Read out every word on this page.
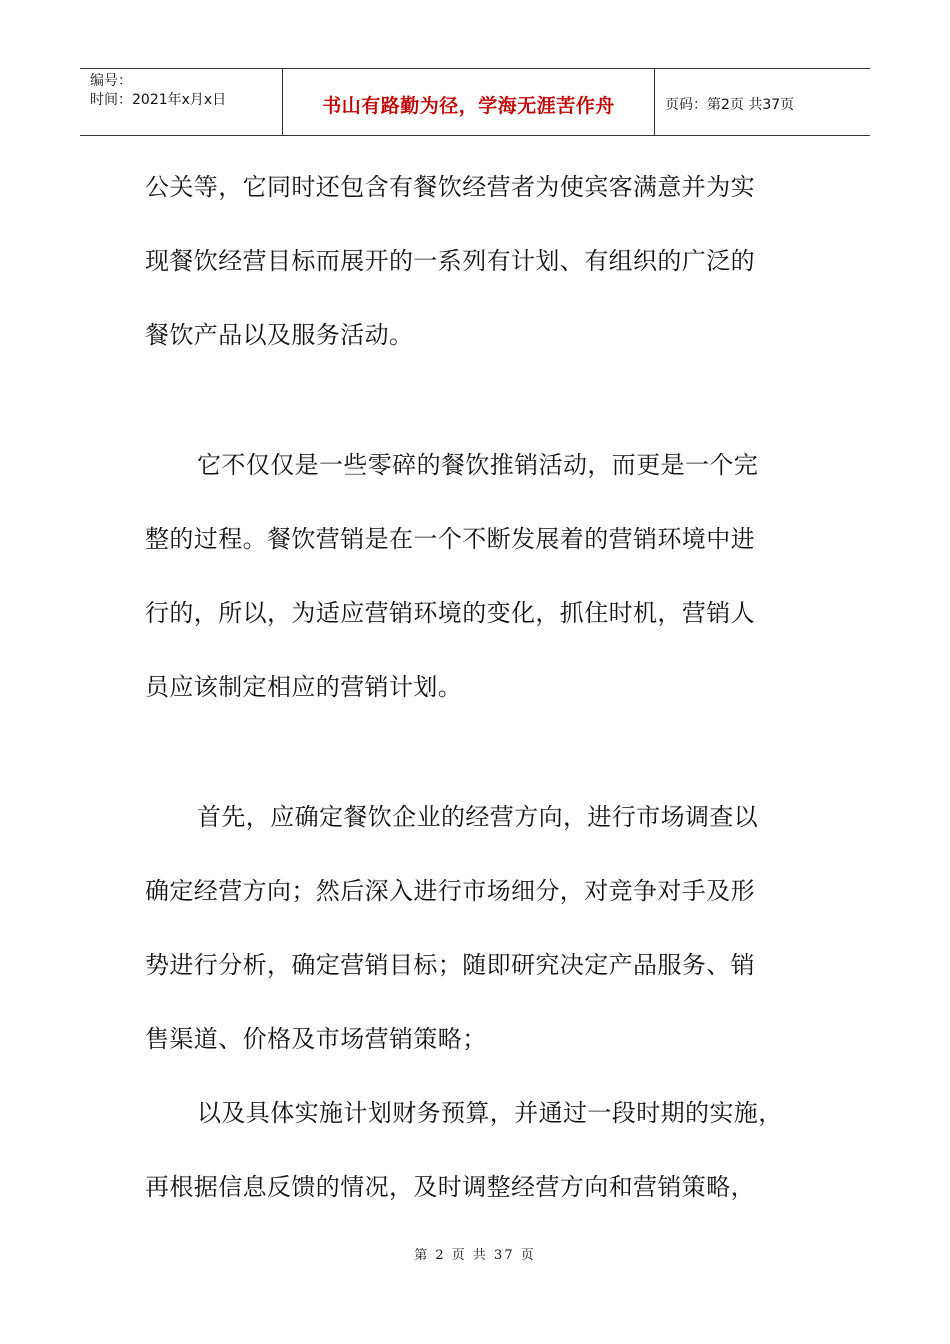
编号：
时间：2021年x月x日	书山有路勤为径，学海无涯苦作舟	页码：第2页 共37页
公关等，它同时还包含有餐饮经营者为使宾客满意并为实
现餐饮经营目标而展开的一系列有计划、有组织的广泛的
餐饮产品以及服务活动。
它不仅仅是一些零碎的餐饮推销活动，而更是一个完
整的过程。餐饮营销是在一个不断发展着的营销环境中进
行的，所以，为适应营销环境的变化，抓住时机，营销人
员应该制定相应的营销计划。
首先，应确定餐饮企业的经营方向，进行市场调查以
确定经营方向；然后深入进行市场细分，对竞争对手及形
势进行分析，确定营销目标；随即研究决定产品服务、销
售渠道、价格及市场营销策略；
以及具体实施计划财务预算，并通过一段时期的实施，
再根据信息反馈的情况，及时调整经营方向和营销策略，
第 2 页 共 37 页
